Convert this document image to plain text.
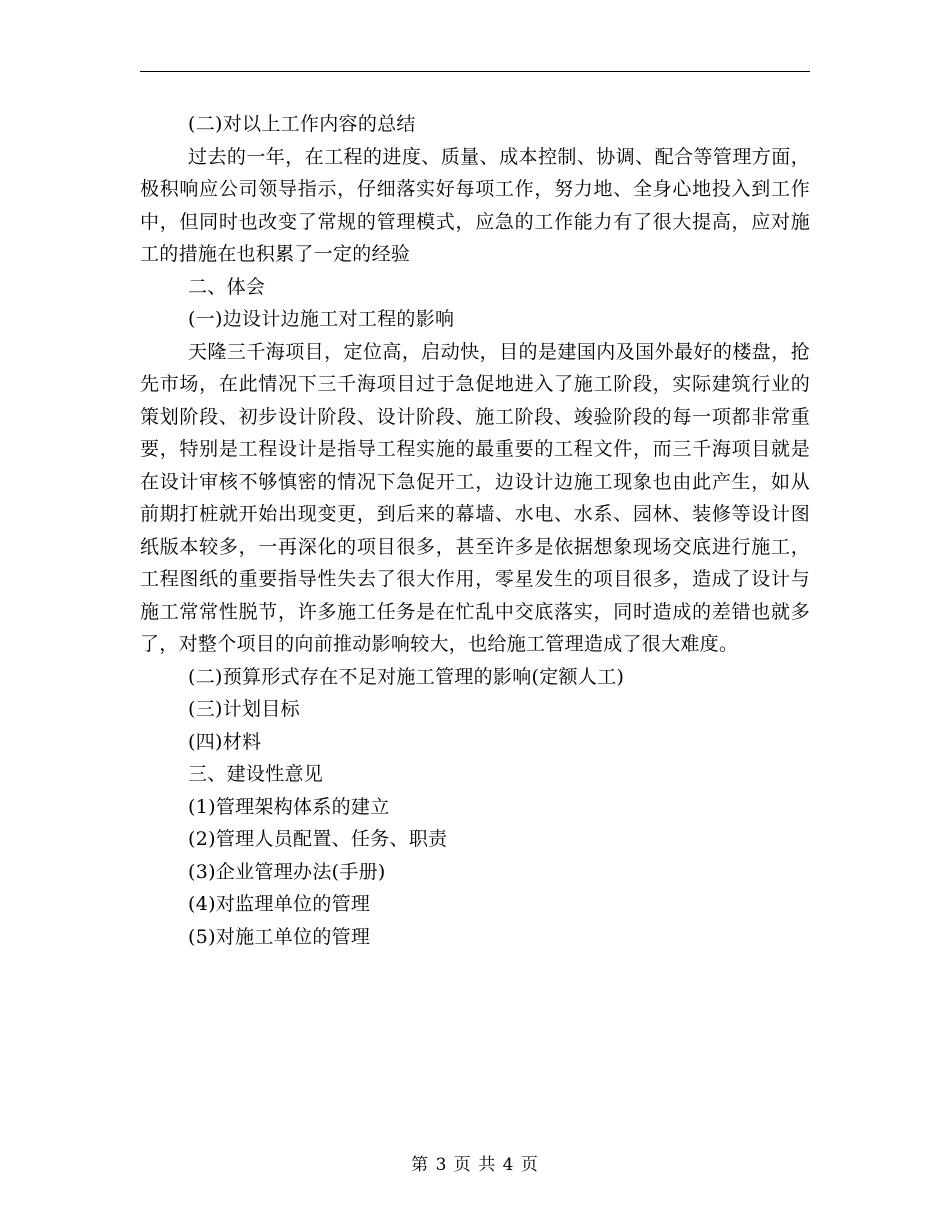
(二)对以上工作内容的总结

过去的一年，在工程的进度、质量、成本控制、协调、配合等管理方面，极积响应公司领导指示，仔细落实好每项工作，努力地、全身心地投入到工作中，但同时也改变了常规的管理模式，应急的工作能力有了很大提高，应对施工的措施在也积累了一定的经验

二、体会

(一)边设计边施工对工程的影响

天隆三千海项目，定位高，启动快，目的是建国内及国外最好的楼盘，抢先市场，在此情况下三千海项目过于急促地进入了施工阶段，实际建筑行业的策划阶段、初步设计阶段、设计阶段、施工阶段、竣验阶段的每一项都非常重要，特别是工程设计是指导工程实施的最重要的工程文件，而三千海项目就是在设计审核不够慎密的情况下急促开工，边设计边施工现象也由此产生，如从前期打桩就开始出现变更，到后来的幕墙、水电、水系、园林、装修等设计图纸版本较多，一再深化的项目很多，甚至许多是依据想象现场交底进行施工，工程图纸的重要指导性失去了很大作用，零星发生的项目很多，造成了设计与施工常常性脱节，许多施工任务是在忙乱中交底落实，同时造成的差错也就多了，对整个项目的向前推动影响较大，也给施工管理造成了很大难度。

(二)预算形式存在不足对施工管理的影响(定额人工)

(三)计划目标

(四)材料

三、建设性意见

(1)管理架构体系的建立

(2)管理人员配置、任务、职责

(3)企业管理办法(手册)

(4)对监理单位的管理

(5)对施工单位的管理

第 3 页 共 4 页
